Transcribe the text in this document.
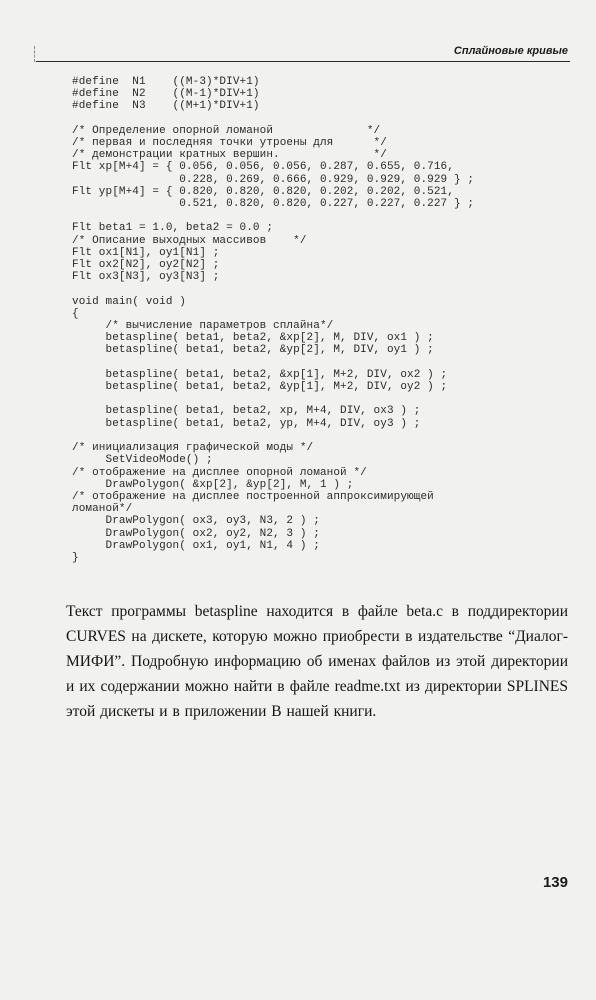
Сплайновые кривые
#define  N1    ((M-3)*DIV+1)
#define  N2    ((M-1)*DIV+1)
#define  N3    ((M+1)*DIV+1)

/* Определение опорной ломаной              */
/* первая и последняя точки утроены для      */
/* демонстрации кратных вершин.              */
Flt xp[M+4] = { 0.056, 0.056, 0.056, 0.287, 0.655, 0.716,
0.228, 0.269, 0.666, 0.929, 0.929, 0.929 } ;
Flt yp[M+4] = { 0.820, 0.820, 0.820, 0.202, 0.202, 0.521,
0.521, 0.820, 0.820, 0.227, 0.227, 0.227 } ;

Flt beta1 = 1.0, beta2 = 0.0 ;
/* Описание выходных массивов    */
Flt ox1[N1], oy1[N1] ;
Flt ox2[N2], oy2[N2] ;
Flt ox3[N3], oy3[N3] ;

void main( void )
{
/* вычисление параметров сплайна*/
betaspline( beta1, beta2, &xp[2], M, DIV, ox1 ) ;
betaspline( beta1, beta2, &yp[2], M, DIV, oy1 ) ;

betaspline( beta1, beta2, &xp[1], M+2, DIV, ox2 ) ;
betaspline( beta1, beta2, &yp[1], M+2, DIV, oy2 ) ;

betaspline( beta1, beta2, xp, M+4, DIV, ox3 ) ;
betaspline( beta1, beta2, yp, M+4, DIV, oy3 ) ;

/* инициализация графической моды */
SetVideoMode() ;
/* отображение на дисплее опорной ломаной */
DrawPolygon( &xp[2], &yp[2], M, 1 ) ;
/* отображение на дисплее построенной аппроксимирующей
ломаной*/
DrawPolygon( ox3, oy3, N3, 2 ) ;
DrawPolygon( ox2, oy2, N2, 3 ) ;
DrawPolygon( ox1, oy1, N1, 4 ) ;
}

Текст программы betaspline находится в файле beta.c в поддиректории CURVES на дискете, которую можно приобрести в издательстве “Диалог-МИФИ”. Подробную информацию об именах файлов из этой директории и их содержании можно найти в файле readme.txt из директории SPLINES этой дискеты и в приложении В нашей книги.

139
